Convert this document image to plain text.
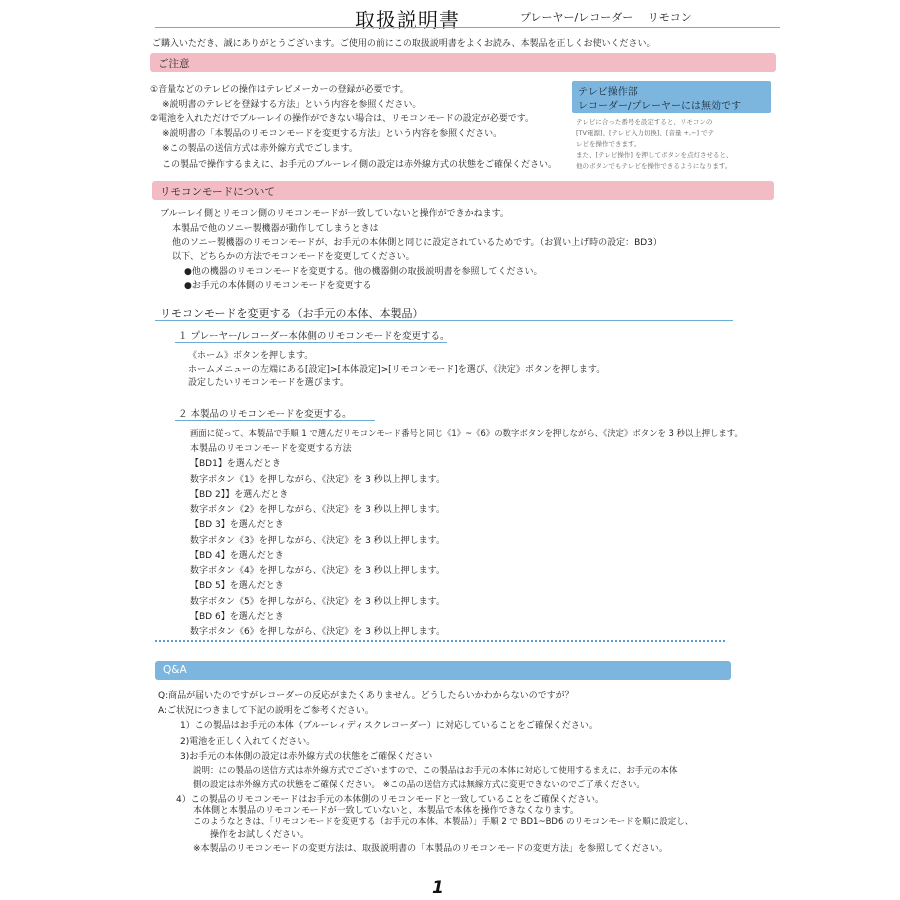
取扱説明書	プレーヤー/レコーダー　 リモコン
ご購入いただき、誠にありがとうございます。ご使用の前にこの取扱説明書をよくお読み、本製品を正しくお使いください。
ご注意
①音量などのテレビの操作はテレビメーカーの登録が必要です。
※説明書のテレビを登録する方法」という内容を参照ください。
②電池を入れただけでブルーレイの操作ができない場合は、リモコンモードの設定が必要です。
※説明書の「本製品のリモコンモードを変更する方法」という内容を参照ください。
※この製品の送信方式は赤外線方式でごします。
この製品で操作するまえに、お手元のブルーレイ側の設定は赤外線方式の状態をご確保ください。
テレビ操作部
レコーダー/プレーヤーには無効です
テレビに合った番号を設定すると、リモコンの
[TV電源]、[テレビ入力切換]、[音量 +,−] でテ
レビを操作できます。
また、[テレビ操作] を押してボタンを点灯させると、
他のボタンでもテレビを操作できるようになります。
リモコンモードについて
ブルーレイ側とリモコン側のリモコンモードが一致していないと操作ができかねます。
本製品で他のソニー製機器が動作してしまうときは
他のソニー製機器のリモコンモードが、お手元の本体側と同じに設定されているためです。（お買い上げ時の設定：BD3）
以下、どちらかの方法でモコンモードを変更してください。
●他の機器のリモコンモードを変更する。他の機器側の取扱説明書を参照してください。
●お手元の本体側のリモコンモードを変更する
リモコンモードを変更する（お手元の本体、本製品）
１ プレーヤー/レコーダー本体側のリモコンモードを変更する。
《ホーム》ボタンを押します。
ホームメニューの左端にある[設定]>[本体設定]>[リモコンモード]を選び、《決定》ボタンを押します。
設定したいリモコンモードを選びます。
２ 本製品のリモコンモードを変更する。
画面に従って、本製品で手順 1 で選んだリモコンモード番号と同じ《1》~《6》の数字ボタンを押しながら、《決定》ボタンを 3 秒以上押します。
本製品のリモコンモードを変更する方法
【BD1】を選んだとき
数字ボタン《1》を押しながら、《決定》を 3 秒以上押します。
【BD 2】】を選んだとき
数字ボタン《2》を押しながら、《決定》を 3 秒以上押します。
【BD 3】を選んだとき
数字ボタン《3》を押しながら、《決定》を 3 秒以上押します。
【BD 4】を選んだとき
数字ボタン《4》を押しながら、《決定》を 3 秒以上押します。
【BD 5】を選んだとき
数字ボタン《5》を押しながら、《決定》を 3 秒以上押します。
【BD 6】を選んだとき
数字ボタン《6》を押しながら、《決定》を 3 秒以上押します。
Q&A
Q:商品が届いたのですがレコーダーの反応がまたくありません。どうしたらいかわからないのですが？
A:ご状況につきまして下記の説明をご参考ください。
1）この製品はお手元の本体（ブルーレィディスクレコーダー）に対応していることをご確保ください。
2)電池を正しく入れてください。
3)お手元の本体側の設定は赤外線方式の状態をご確保ください
説明：にの製品の送信方式は赤外線方式でございますので、この製品はお手元の本体に対応して使用するまえに、お手元の本体
側の設定は赤外線方式の状態をご確保ください。 ※この品の送信方式は無線方式に変更できないのでご了承ください。
4）この製品のリモコンモードはお手元の本体側のリモコンモードと一致していることをご確保ください。
本体側と本製品のリモコンモードが一致していないと、本製品で本体を操作できなくなります。
このようなときは、「リモコンモードを変更する（お手元の本体、本製品）」手順 2 で BD1~BD6 のリモコンモードを順に設定し、
操作をお試しください。
※本製品のリモコンモードの変更方法は、取扱説明書の「本製品のリモコンモードの変更方法」を参照してください。
1
